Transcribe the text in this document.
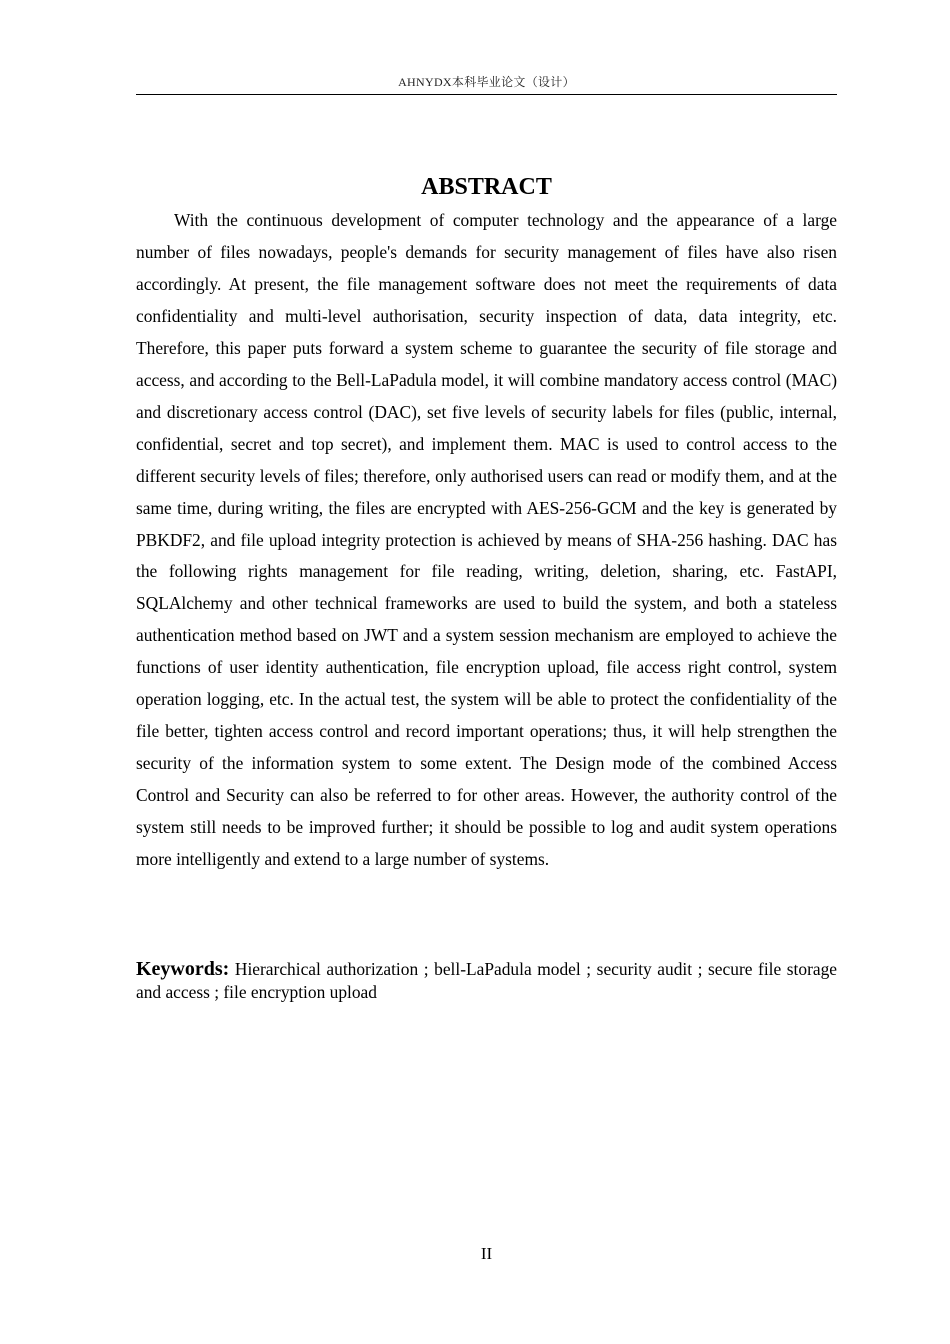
AHNYDX本科毕业论文（设计）
ABSTRACT

With the continuous development of computer technology and the appearance of a large number of files nowadays, people's demands for security management of files have also risen accordingly. At present, the file management software does not meet the requirements of data confidentiality and multi-level authorisation, security inspection of data, data integrity, etc. Therefore, this paper puts forward a system scheme to guarantee the security of file storage and access, and according to the Bell-LaPadula model, it will combine mandatory access control (MAC) and discretionary access control (DAC), set five levels of security labels for files (public, internal, confidential, secret and top secret), and implement them. MAC is used to control access to the different security levels of files; therefore, only authorised users can read or modify them, and at the same time, during writing, the files are encrypted with AES-256-GCM and the key is generated by PBKDF2, and file upload integrity protection is achieved by means of SHA-256 hashing. DAC has the following rights management for file reading, writing, deletion, sharing, etc. FastAPI, SQLAlchemy and other technical frameworks are used to build the system, and both a stateless authentication method based on JWT and a system session mechanism are employed to achieve the functions of user identity authentication, file encryption upload, file access right control, system operation logging, etc. In the actual test, the system will be able to protect the confidentiality of the file better, tighten access control and record important operations; thus, it will help strengthen the security of the information system to some extent. The Design mode of the combined Access Control and Security can also be referred to for other areas. However, the authority control of the system still needs to be improved further; it should be possible to log and audit system operations more intelligently and extend to a large number of systems.

Keywords: Hierarchical authorization ; bell-LaPadula model ; security audit ; secure file storage and access ; file encryption upload

II
